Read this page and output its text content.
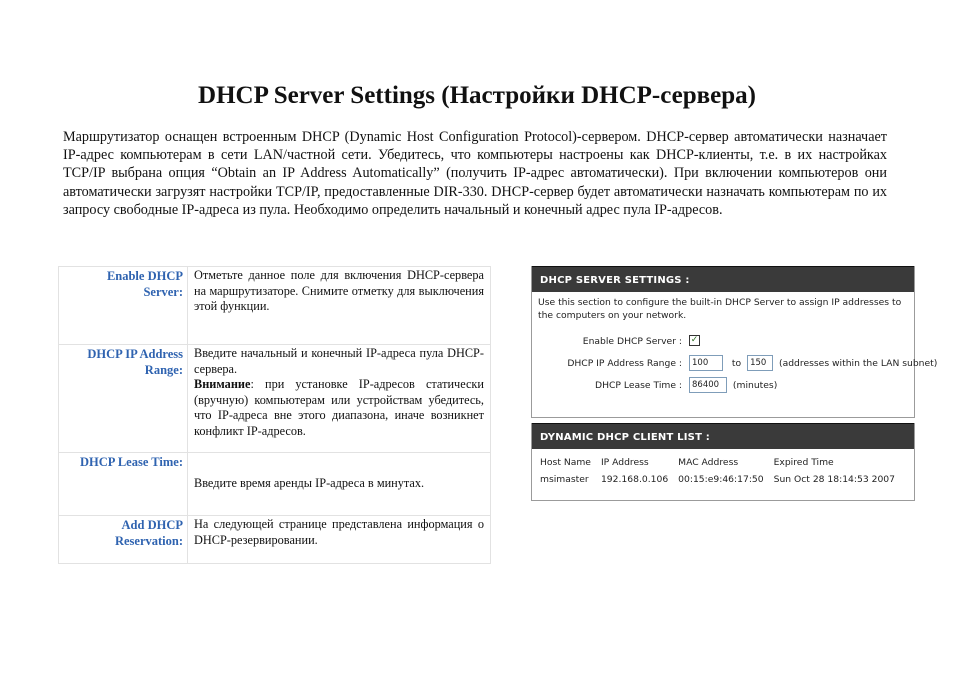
DHCP Server Settings (Настройки DHCP-сервера)

Маршрутизатор оснащен встроенным DHCP (Dynamic Host Configuration Protocol)-сервером. DHCP-сервер автоматически назначает IP-адрес компьютерам в сети LAN/частной сети. Убедитесь, что компьютеры настроены как DHCP-клиенты, т.е. в их настройках TCP/IP выбрана опция “Obtain an IP Address Automatically” (получить IP-адрес автоматически). При включении компьютеров они автоматически загрузят настройки TCP/IP, предоставленные DIR-330. DHCP-сервер будет автоматически назначать компьютерам по их запросу свободные IP-адреса из пула. Необходимо определить начальный и конечный адрес пула IP-адресов.

Enable DHCP Server:	Отметьте данное поле для включения DHCP-сервера на маршрутизаторе. Снимите отметку для выключения этой функции.
DHCP IP Address Range:	Введите начальный и конечный IP-адреса пула DHCP-сервера.
Внимание: при установке IP-адресов статически (вручную) компьютерам или устройствам убедитесь, что IP-адреса вне этого диапазона, иначе возникнет конфликт IP-адресов.
DHCP Lease Time:	Введите время аренды IP-адреса в минутах.
Add DHCP Reservation:	На следующей странице представлена информация о DHCP-резервировании.
DHCP SERVER SETTINGS :
Use this section to configure the built-in DHCP Server to assign IP addresses to the computers on your network.
Enable DHCP Server : ✓
DHCP IP Address Range :	100	to 150 (addresses within the LAN subnet)
DHCP Lease Time :	86400 (minutes)
DYNAMIC DHCP CLIENT LIST :
Host Name	IP Address	MAC Address	Expired Time
msimaster	192.168.0.106	00:15:e9:46:17:50	Sun Oct 28 18:14:53 2007
